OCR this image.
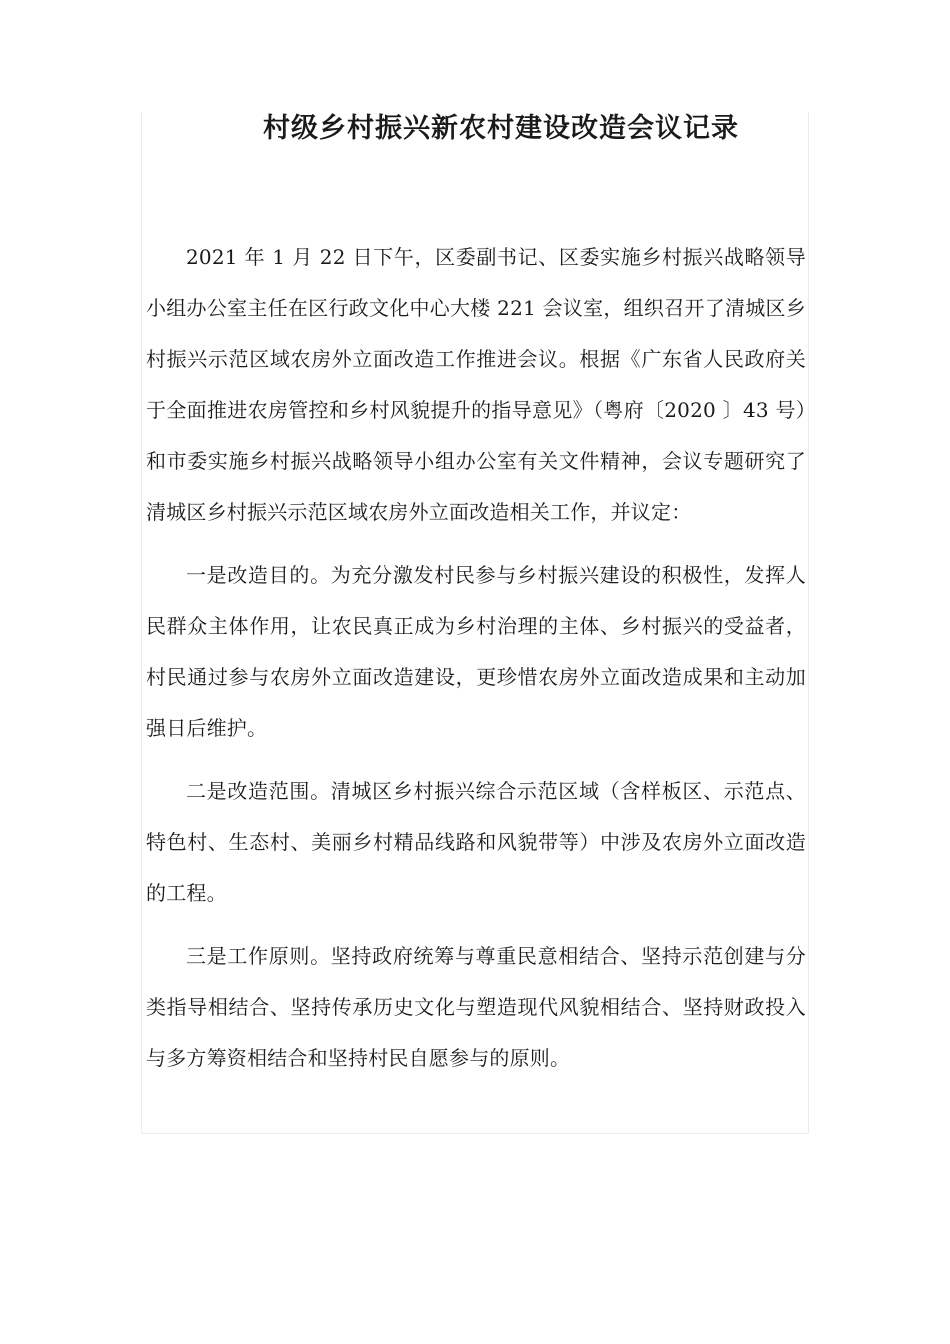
村级乡村振兴新农村建设改造会议记录

2021 年 1 月 22 日下午，区委副书记、区委实施乡村振兴战略领导小组办公室主任在区行政文化中心大楼 221 会议室，组织召开了清城区乡村振兴示范区域农房外立面改造工作推进会议。根据《广东省人民政府关于全面推进农房管控和乡村风貌提升的指导意见》（粤府〔2020 〕43 号）和市委实施乡村振兴战略领导小组办公室有关文件精神，会议专题研究了清城区乡村振兴示范区域农房外立面改造相关工作，并议定：

一是改造目的。为充分激发村民参与乡村振兴建设的积极性，发挥人民群众主体作用，让农民真正成为乡村治理的主体、乡村振兴的受益者，村民通过参与农房外立面改造建设，更珍惜农房外立面改造成果和主动加强日后维护。

二是改造范围。清城区乡村振兴综合示范区域（含样板区、示范点、特色村、生态村、美丽乡村精品线路和风貌带等）中涉及农房外立面改造的工程。

三是工作原则。坚持政府统筹与尊重民意相结合、坚持示范创建与分类指导相结合、坚持传承历史文化与塑造现代风貌相结合、坚持财政投入与多方筹资相结合和坚持村民自愿参与的原则。
